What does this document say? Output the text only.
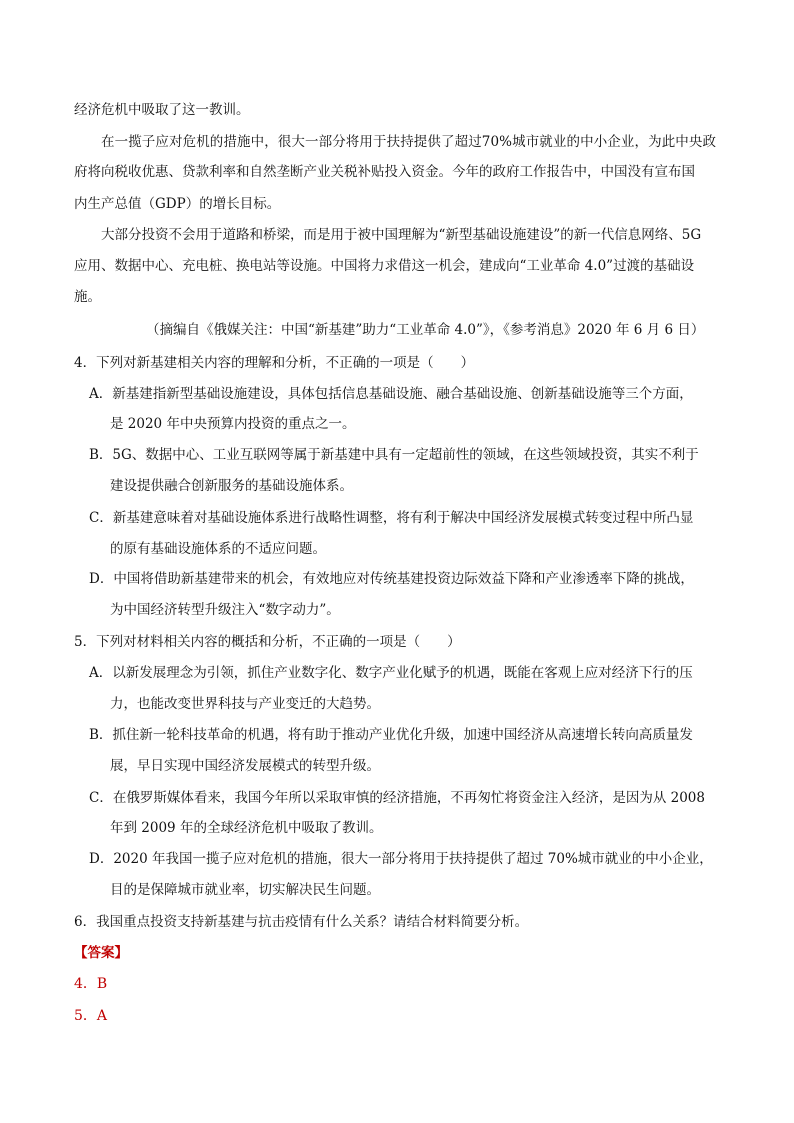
经济危机中吸取了这一教训。
在一揽子应对危机的措施中，很大一部分将用于扶持提供了超过70%城市就业的中小企业，为此中央政
府将向税收优惠、贷款利率和自然垄断产业关税补贴投入资金。今年的政府工作报告中，中国没有宣布国
内生产总值（GDP）的增长目标。
大部分投资不会用于道路和桥梁，而是用于被中国理解为“新型基础设施建设”的新一代信息网络、5G
应用、数据中心、充电桩、换电站等设施。中国将力求借这一机会，建成向“工业革命 4.0”过渡的基础设
施。
（摘编自《俄媒关注：中国“新基建”助力“工业革命 4.0”》，《参考消息》2020 年 6 月 6 日）
4．下列对新基建相关内容的理解和分析，不正确的一项是（　　）
A．新基建指新型基础设施建设，具体包括信息基础设施、融合基础设施、创新基础设施等三个方面，
是 2020 年中央预算内投资的重点之一。
B．5G、数据中心、工业互联网等属于新基建中具有一定超前性的领域，在这些领域投资，其实不利于
建设提供融合创新服务的基础设施体系。
C．新基建意味着对基础设施体系进行战略性调整，将有利于解决中国经济发展模式转变过程中所凸显
的原有基础设施体系的不适应问题。
D．中国将借助新基建带来的机会，有效地应对传统基建投资边际效益下降和产业渗透率下降的挑战，
为中国经济转型升级注入“数字动力”。
5．下列对材料相关内容的概括和分析，不正确的一项是（　　）
A．以新发展理念为引领，抓住产业数字化、数字产业化赋予的机遇，既能在客观上应对经济下行的压
力，也能改变世界科技与产业变迁的大趋势。
B．抓住新一轮科技革命的机遇，将有助于推动产业优化升级，加速中国经济从高速增长转向高质量发
展，早日实现中国经济发展模式的转型升级。
C．在俄罗斯媒体看来，我国今年所以采取审慎的经济措施，不再匆忙将资金注入经济，是因为从 2008
年到 2009 年的全球经济危机中吸取了教训。
D．2020 年我国一揽子应对危机的措施，很大一部分将用于扶持提供了超过 70%城市就业的中小企业，
目的是保障城市就业率，切实解决民生问题。
6．我国重点投资支持新基建与抗击疫情有什么关系？请结合材料简要分析。
【答案】
4．B
5．A
